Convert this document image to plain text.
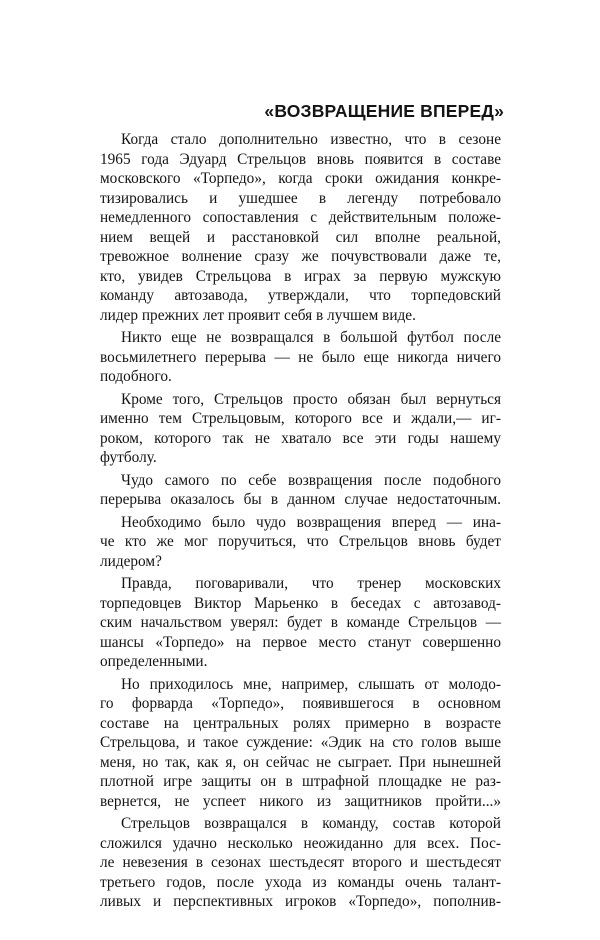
«ВОЗВРАЩЕНИЕ ВПЕРЕД»

Когда стало дополнительно известно, что в сезоне
1965 года Эдуард Стрельцов вновь появится в составе
московского «Торпедо», когда сроки ожидания конкре-
тизировались и ушедшее в легенду потребовало
немедленного сопоставления с действительным положе-
нием вещей и расстановкой сил вполне реальной,
тревожное волнение сразу же почувствовали даже те,
кто, увидев Стрельцова в играх за первую мужскую
команду автозавода, утверждали, что торпедовский
лидер прежних лет проявит себя в лучшем виде.

Никто еще не возвращался в большой футбол после
восьмилетнего перерыва — не было еще никогда ничего
подобного.

Кроме того, Стрельцов просто обязан был вернуться
именно тем Стрельцовым, которого все и ждали,— иг-
роком, которого так не хватало все эти годы нашему
футболу.

Чудо самого по себе возвращения после подобного
перерыва оказалось бы в данном случае недостаточным.

Необходимо было чудо возвращения вперед — ина-
че кто же мог поручиться, что Стрельцов вновь будет
лидером?

Правда, поговаривали, что тренер московских
торпедовцев Виктор Марьенко в беседах с автозавод-
ским начальством уверял: будет в команде Стрельцов —
шансы «Торпедо» на первое место станут совершенно
определенными.

Но приходилось мне, например, слышать от молодо-
го форварда «Торпедо», появившегося в основном
составе на центральных ролях примерно в возрасте
Стрельцова, и такое суждение: «Эдик на сто голов выше
меня, но так, как я, он сейчас не сыграет. При нынешней
плотной игре защиты он в штрафной площадке не раз-
вернется, не успеет никого из защитников пройти...»

Стрельцов возвращался в команду, состав которой
сложился удачно несколько неожиданно для всех. Пос-
ле невезения в сезонах шестьдесят второго и шестьдесят
третьего годов, после ухода из команды очень талант-
ливых и перспективных игроков «Торпедо», пополнив-
